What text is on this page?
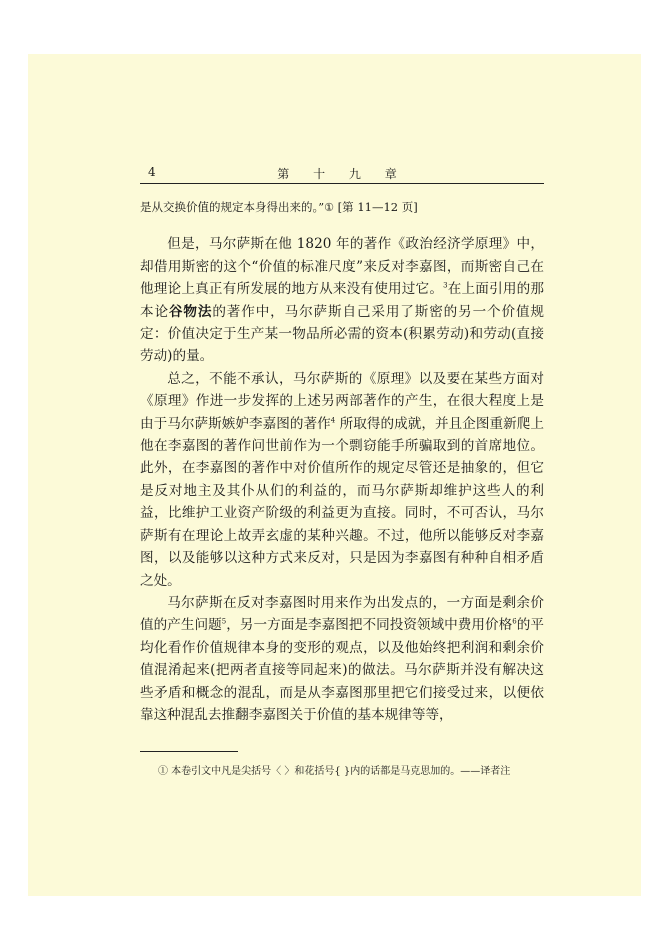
4	第 十 九 章

是从交换价值的规定本身得出来的。”① [第 11—12 页]

但是，马尔萨斯在他 1820 年的著作《政治经济学原理》中，却借用斯密的这个“价值的标准尺度”来反对李嘉图，而斯密自己在他理论上真正有所发展的地方从来没有使用过它。$^3$在上面引用的那本论谷物法的著作中，马尔萨斯自己采用了斯密的另一个价值规定：价值决定于生产某一物品所必需的资本(积累劳动)和劳动(直接劳动)的量。

总之，不能不承认，马尔萨斯的《原理》以及要在某些方面对《原理》作进一步发挥的上述另两部著作的产生，在很大程度上是由于马尔萨斯嫉妒李嘉图的著作$^4$ 所取得的成就，并且企图重新爬上他在李嘉图的著作问世前作为一个剽窃能手所骗取到的首席地位。此外，在李嘉图的著作中对价值所作的规定尽管还是抽象的，但它是反对地主及其仆从们的利益的，而马尔萨斯却维护这些人的利益，比维护工业资产阶级的利益更为直接。同时，不可否认，马尔萨斯有在理论上故弄玄虚的某种兴趣。不过，他所以能够反对李嘉图，以及能够以这种方式来反对，只是因为李嘉图有种种自相矛盾之处。

马尔萨斯在反对李嘉图时用来作为出发点的，一方面是剩余价值的产生问题$^5$，另一方面是李嘉图把不同投资领域中费用价格$^6$的平均化看作价值规律本身的变形的观点，以及他始终把利润和剩余价值混淆起来(把两者直接等同起来)的做法。马尔萨斯并没有解决这些矛盾和概念的混乱，而是从李嘉图那里把它们接受过来，以便依靠这种混乱去推翻李嘉图关于价值的基本规律等等，

① 本卷引文中凡是尖括号〈 〉和花括号{ }内的话都是马克思加的。——译者注
